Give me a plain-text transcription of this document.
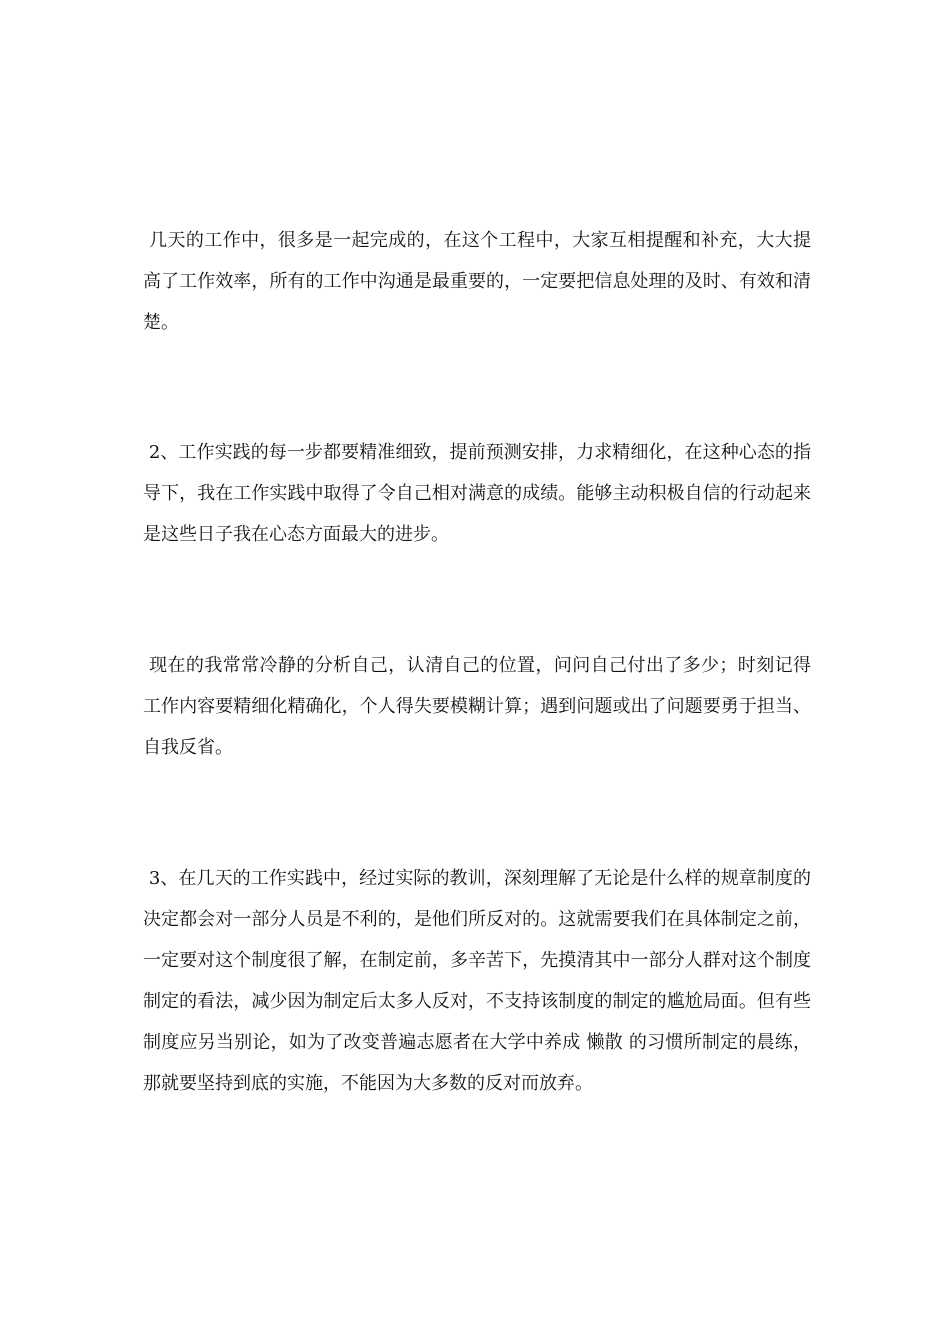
几天的工作中，很多是一起完成的，在这个工程中，大家互相提醒和补充，大大提高了工作效率，所有的工作中沟通是最重要的，一定要把信息处理的及时、有效和清楚。

2、工作实践的每一步都要精准细致，提前预测安排，力求精细化，在这种心态的指导下，我在工作实践中取得了令自己相对满意的成绩。能够主动积极自信的行动起来是这些日子我在心态方面最大的进步。

现在的我常常冷静的分析自己，认清自己的位置，问问自己付出了多少；时刻记得工作内容要精细化精确化，个人得失要模糊计算；遇到问题或出了问题要勇于担当、自我反省。

3、在几天的工作实践中，经过实际的教训，深刻理解了无论是什么样的规章制度的决定都会对一部分人员是不利的，是他们所反对的。这就需要我们在具体制定之前，一定要对这个制度很了解，在制定前，多辛苦下，先摸清其中一部分人群对这个制度制定的看法，减少因为制定后太多人反对，不支持该制度的制定的尴尬局面。但有些制度应另当别论，如为了改变普遍志愿者在大学中养成 懒散 的习惯所制定的晨练，那就要坚持到底的实施，不能因为大多数的反对而放弃。
